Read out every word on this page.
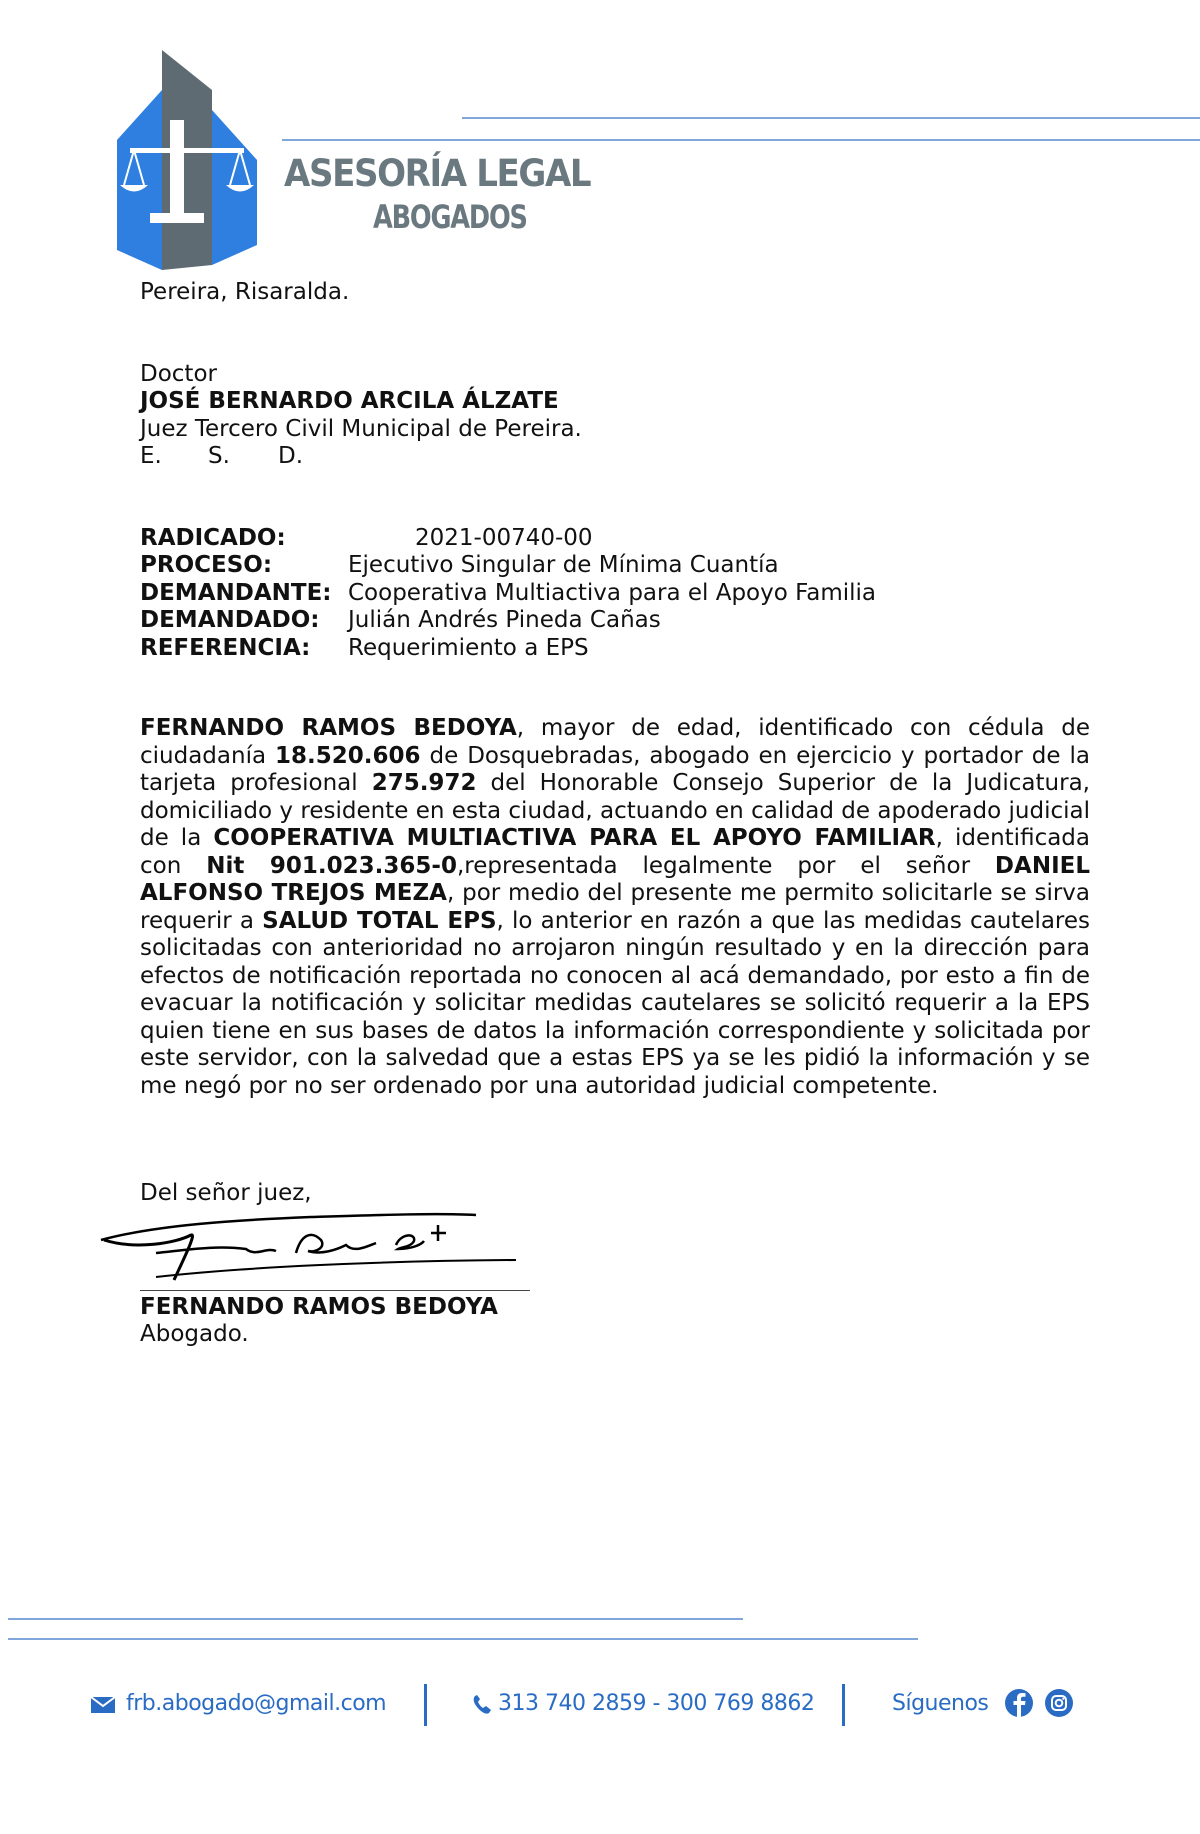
ASESORÍA LEGAL
ABOGADOS
Pereira, Risaralda.
Doctor
JOSÉ BERNARDO ARCILA ÁLZATE
Juez Tercero Civil Municipal de Pereira.
E. S. D.
RADICADO:	2021-00740-00
PROCESO:	Ejecutivo Singular de Mínima Cuantía
DEMANDANTE: Cooperativa Multiactiva para el Apoyo Familia
DEMANDADO: Julián Andrés Pineda Cañas
REFERENCIA: Requerimiento a EPS
FERNANDO RAMOS BEDOYA, mayor de edad, identificado con cédula de ciudadanía 18.520.606 de Dosquebradas, abogado en ejercicio y portador de la tarjeta profesional 275.972 del Honorable Consejo Superior de la Judicatura, domiciliado y residente en esta ciudad, actuando en calidad de apoderado judicial de la COOPERATIVA MULTIACTIVA PARA EL APOYO FAMILIAR, identificada con Nit 901.023.365-0,representada legalmente por el señor DANIEL ALFONSO TREJOS MEZA, por medio del presente me permito solicitarle se sirva requerir a SALUD TOTAL EPS, lo anterior en razón a que las medidas cautelares solicitadas con anterioridad no arrojaron ningún resultado y en la dirección para efectos de notificación reportada no conocen al acá demandado, por esto a fin de evacuar la notificación y solicitar medidas cautelares se solicitó requerir a la EPS quien tiene en sus bases de datos la información correspondiente y solicitada por este servidor, con la salvedad que a estas EPS ya se les pidió la información y se me negó por no ser ordenado por una autoridad judicial competente.
Del señor juez,
FERNANDO RAMOS BEDOYA
Abogado.
frb.abogado@gmail.com	313 740 2859 - 300 769 8862	Síguenos
